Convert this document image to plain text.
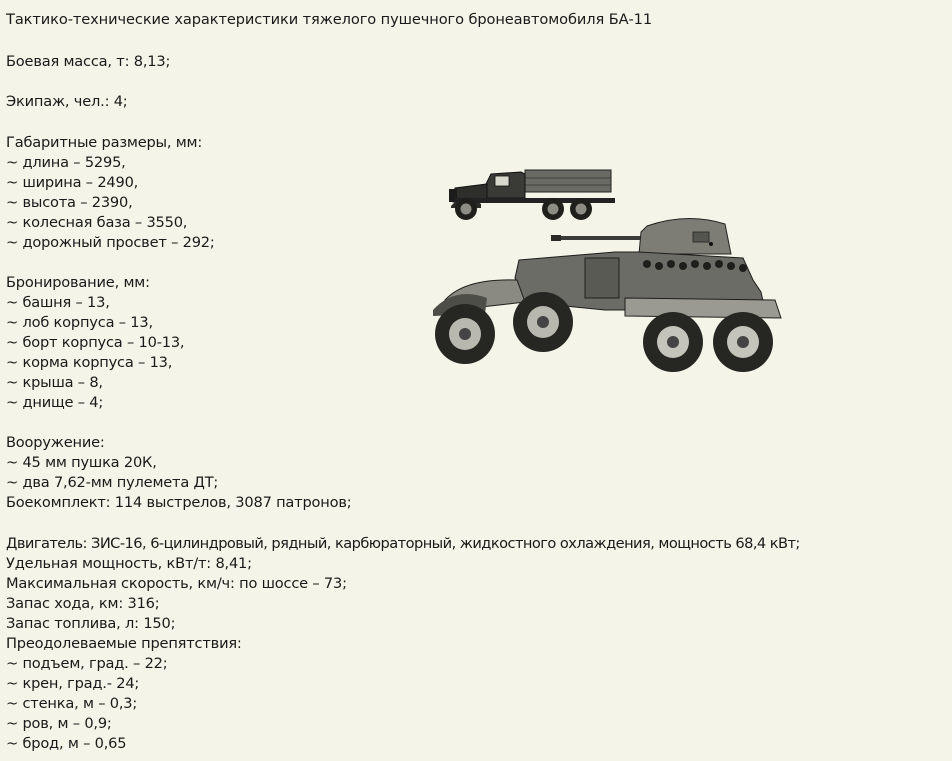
Тактико-технические характеристики тяжелого пушечного бронеавтомобиля БА-11
Боевая масса, т: 8,13;
Экипаж, чел.: 4;
Габаритные размеры, мм:
~ длина – 5295,
~ ширина – 2490,
~ высота – 2390,
~ колесная база – 3550,
~ дорожный просвет – 292;
Бронирование, мм:
~ башня – 13,
~ лоб корпуса – 13,
~ борт корпуса – 10-13,
~ корма корпуса – 13,
~ крыша – 8,
~ днище – 4;
Вооружение:
~ 45 мм пушка 20К,
~ два 7,62-мм пулемета ДТ;
Боекомплект: 114 выстрелов, 3087 патронов;
Двигатель: ЗИС-16, 6-цилиндровый, рядный, карбюраторный, жидкостного охлаждения, мощность 68,4 кВт;
Удельная мощность, кВт/т: 8,41;
Максимальная скорость, км/ч: по шоссе – 73;
Запас хода, км: 316;
Запас топлива, л: 150;
Преодолеваемые препятствия:
~ подъем, град. – 22;
~ крен, град.- 24;
~ стенка, м – 0,3;
~ ров, м – 0,9;
~ брод, м – 0,65
